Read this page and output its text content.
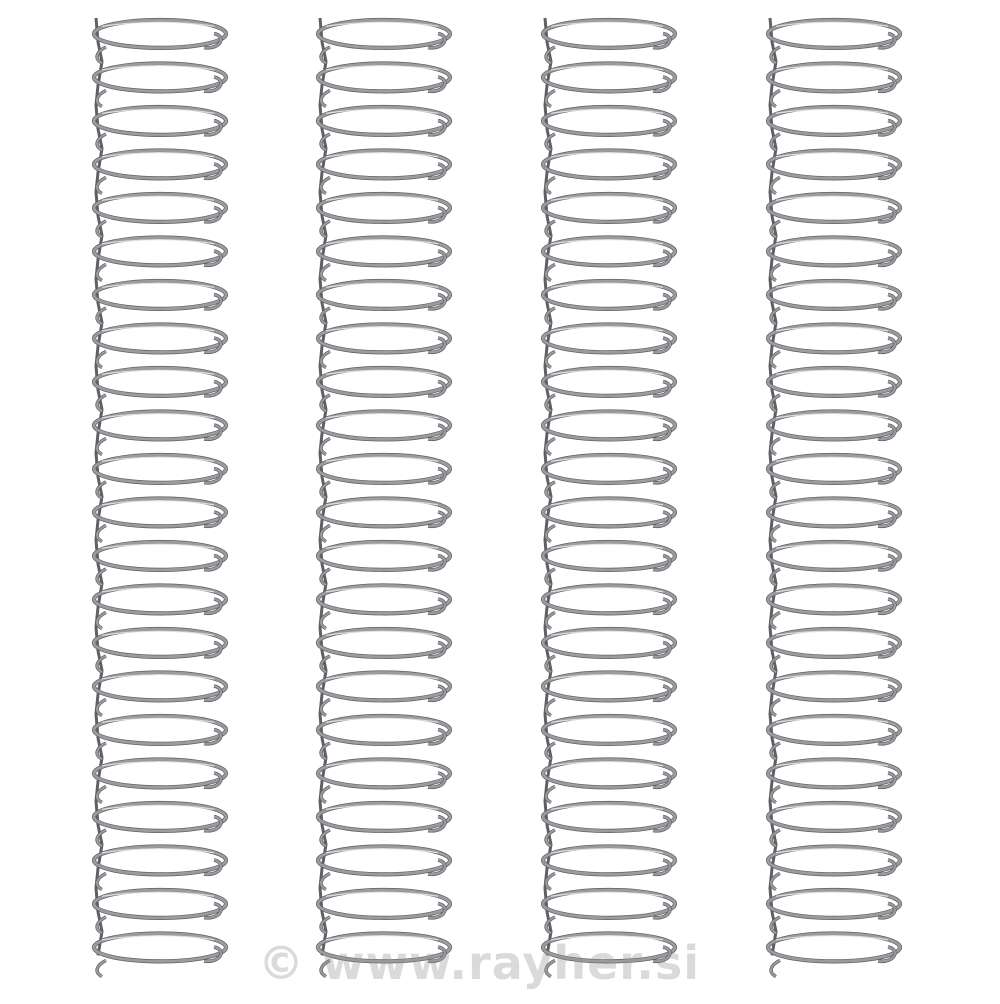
© www.rayher.si
